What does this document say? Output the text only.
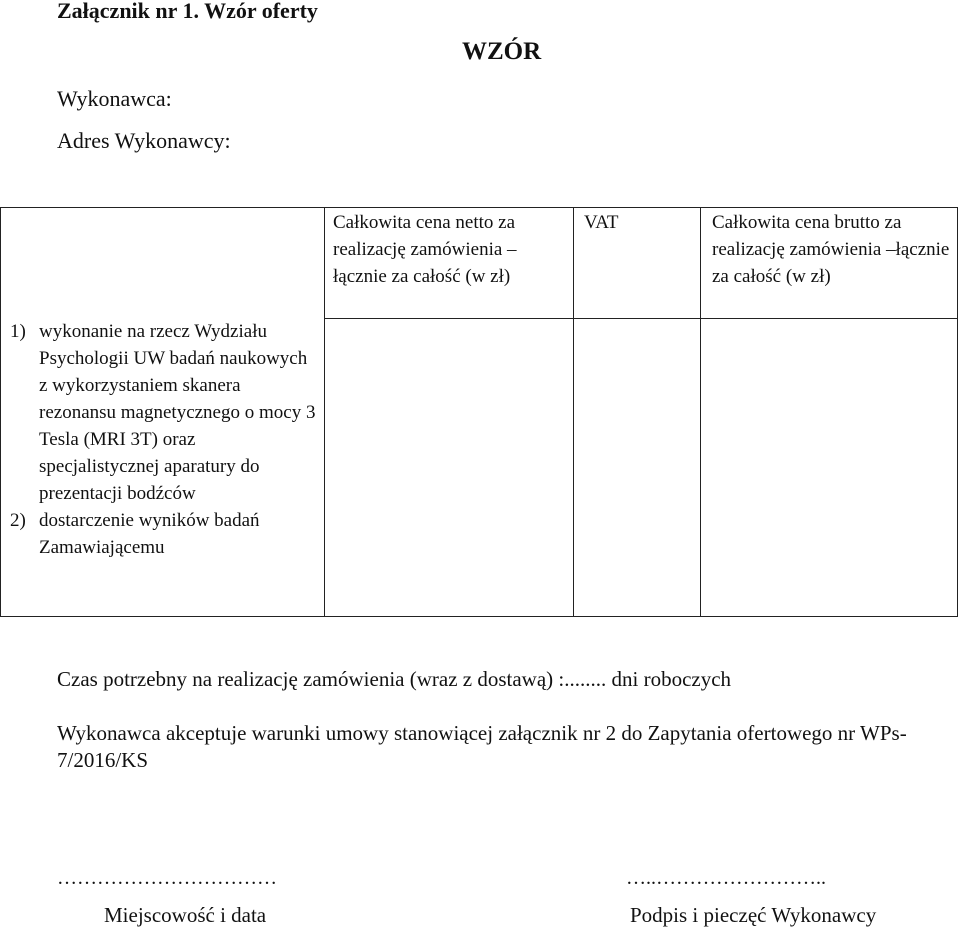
Załącznik nr 1. Wzór oferty
WZÓR
Wykonawca:
Adres Wykonawcy:
1) wykonanie na rzecz Wydziału Psychologii UW badań naukowych z wykorzystaniem skanera rezonansu magnetycznego o mocy 3 Tesla (MRI 3T) oraz specjalistycznej aparatury do prezentacji bodźców
2) dostarczenie wyników badań Zamawiającemu
Całkowita cena netto za realizację zamówienia – łącznie za całość (w zł)
VAT	Całkowita cena brutto za realizację zamówienia –łącznie za całość (w zł)
Czas potrzebny na realizację zamówienia (wraz z dostawą) :........ dni roboczych
Wykonawca akceptuje warunki umowy stanowiącej załącznik nr 2 do Zapytania ofertowego nr WPs- 7/2016/KS
……………………………
Miejscowość i data
…..……………………..
Podpis i pieczęć Wykonawcy
